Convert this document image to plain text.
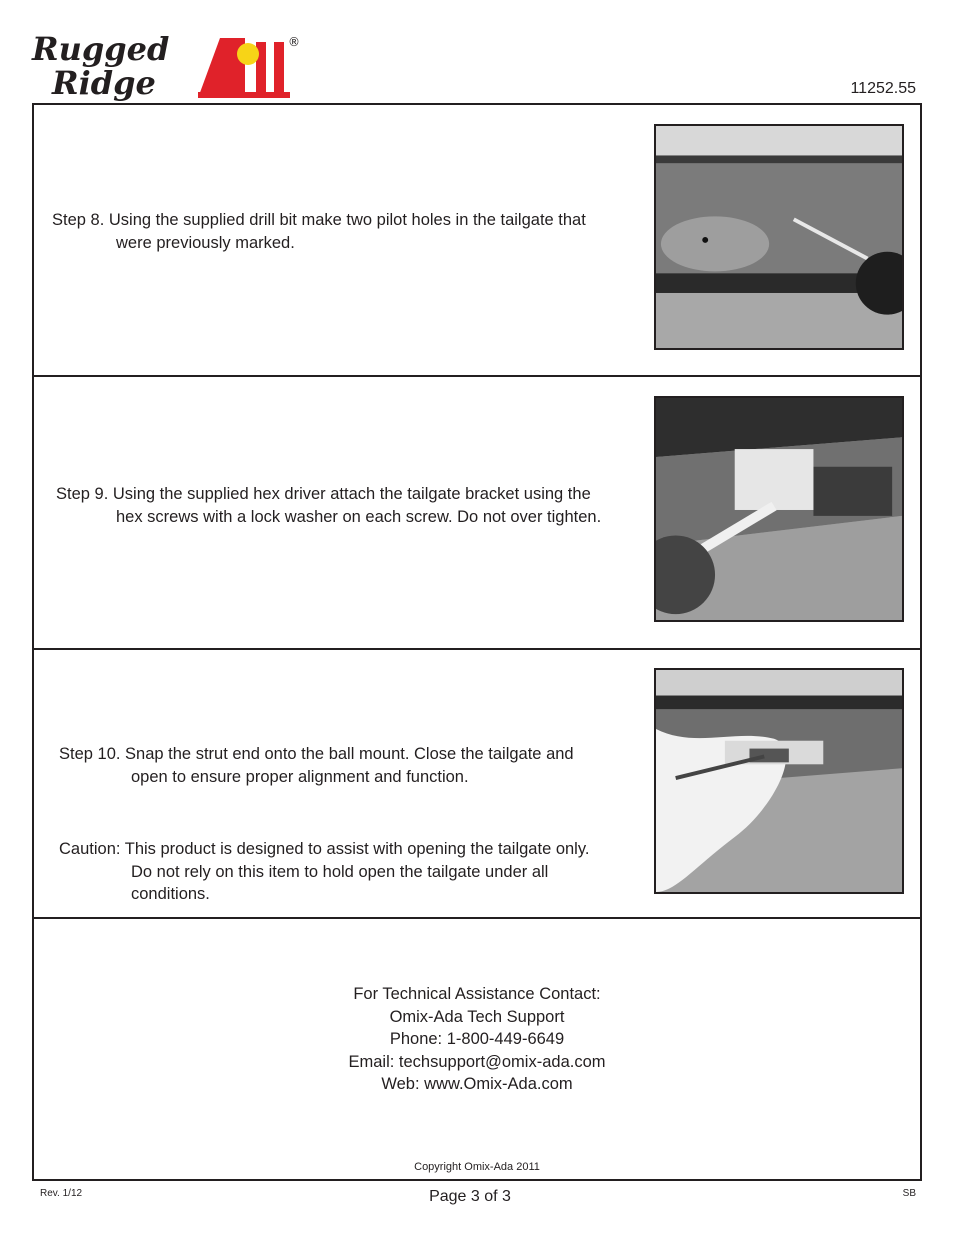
Rugged
Ridge
®
11252.55
Step 8. Using the supplied drill bit make two pilot holes in the tailgate that
were previously marked.
Step 9. Using the supplied hex driver attach the tailgate bracket using the
hex screws with a lock washer on each screw. Do not over tighten.
Step 10. Snap the strut end onto the ball mount. Close the tailgate and
open to ensure proper alignment and function.
Caution: This product is designed to assist with opening the tailgate only.
Do not rely on this item to hold open the tailgate under all
conditions.
For Technical Assistance Contact:
Omix-Ada Tech Support
Phone: 1-800-449-6649
Email: techsupport@omix-ada.com
Web: www.Omix-Ada.com
Copyright Omix-Ada 2011
Rev. 1/12	Page 3 of 3	SB
